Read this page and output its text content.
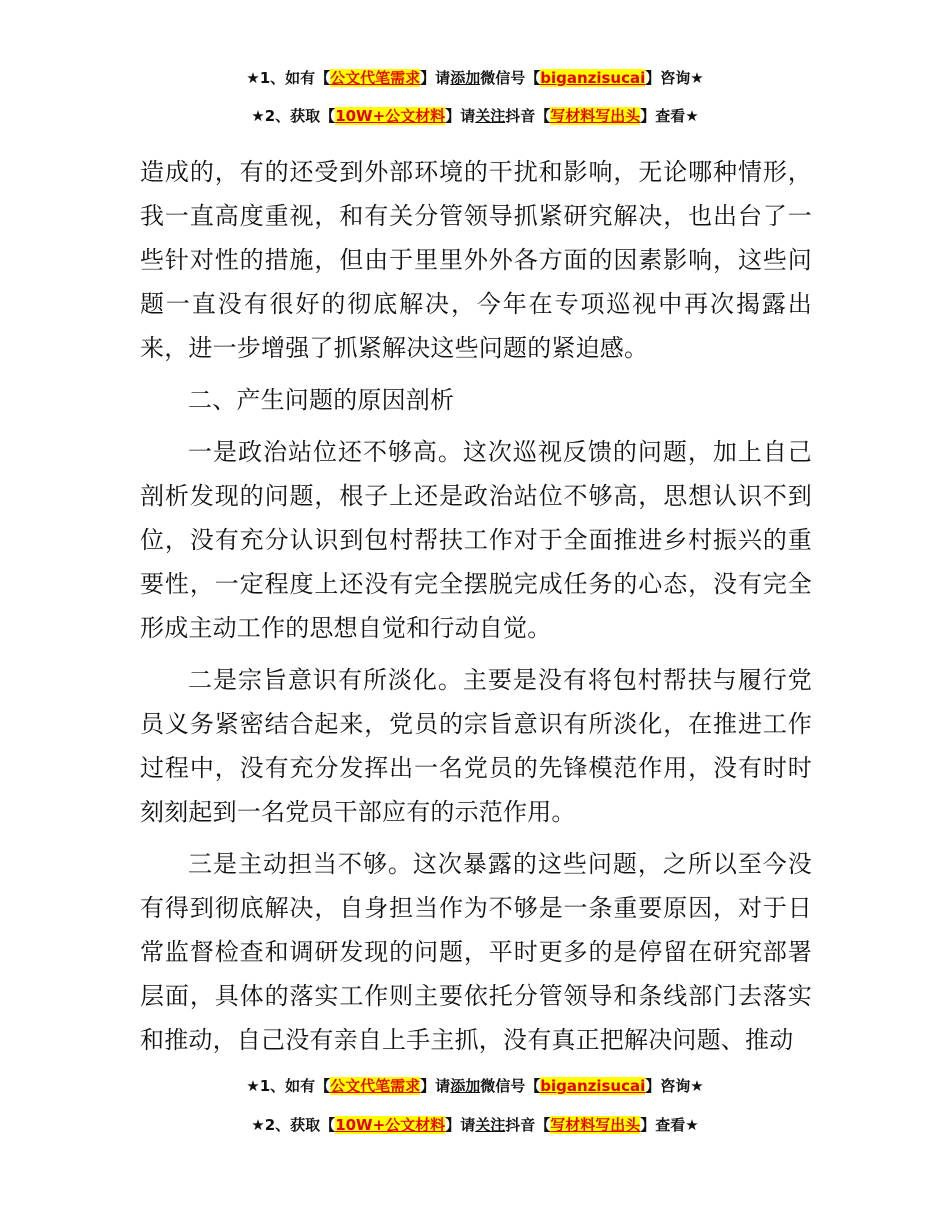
★1、如有【公文代笔需求】请添加微信号【biganzisucai】咨询★
★2、获取【10W+公文材料】请关注抖音【写材料写出头】查看★

造成的，有的还受到外部环境的干扰和影响，无论哪种情形，我一直高度重视，和有关分管领导抓紧研究解决，也出台了一些针对性的措施，但由于里里外外各方面的因素影响，这些问题一直没有很好的彻底解决，今年在专项巡视中再次揭露出来，进一步增强了抓紧解决这些问题的紧迫感。

二、产生问题的原因剖析

一是政治站位还不够高。这次巡视反馈的问题，加上自己剖析发现的问题，根子上还是政治站位不够高，思想认识不到位，没有充分认识到包村帮扶工作对于全面推进乡村振兴的重要性，一定程度上还没有完全摆脱完成任务的心态，没有完全形成主动工作的思想自觉和行动自觉。

二是宗旨意识有所淡化。主要是没有将包村帮扶与履行党员义务紧密结合起来，党员的宗旨意识有所淡化，在推进工作过程中，没有充分发挥出一名党员的先锋模范作用，没有时时刻刻起到一名党员干部应有的示范作用。

三是主动担当不够。这次暴露的这些问题，之所以至今没有得到彻底解决，自身担当作为不够是一条重要原因，对于日常监督检查和调研发现的问题，平时更多的是停留在研究部署层面，具体的落实工作则主要依托分管领导和条线部门去落实和推动，自己没有亲自上手主抓，没有真正把解决问题、推动

★1、如有【公文代笔需求】请添加微信号【biganzisucai】咨询★
★2、获取【10W+公文材料】请关注抖音【写材料写出头】查看★
